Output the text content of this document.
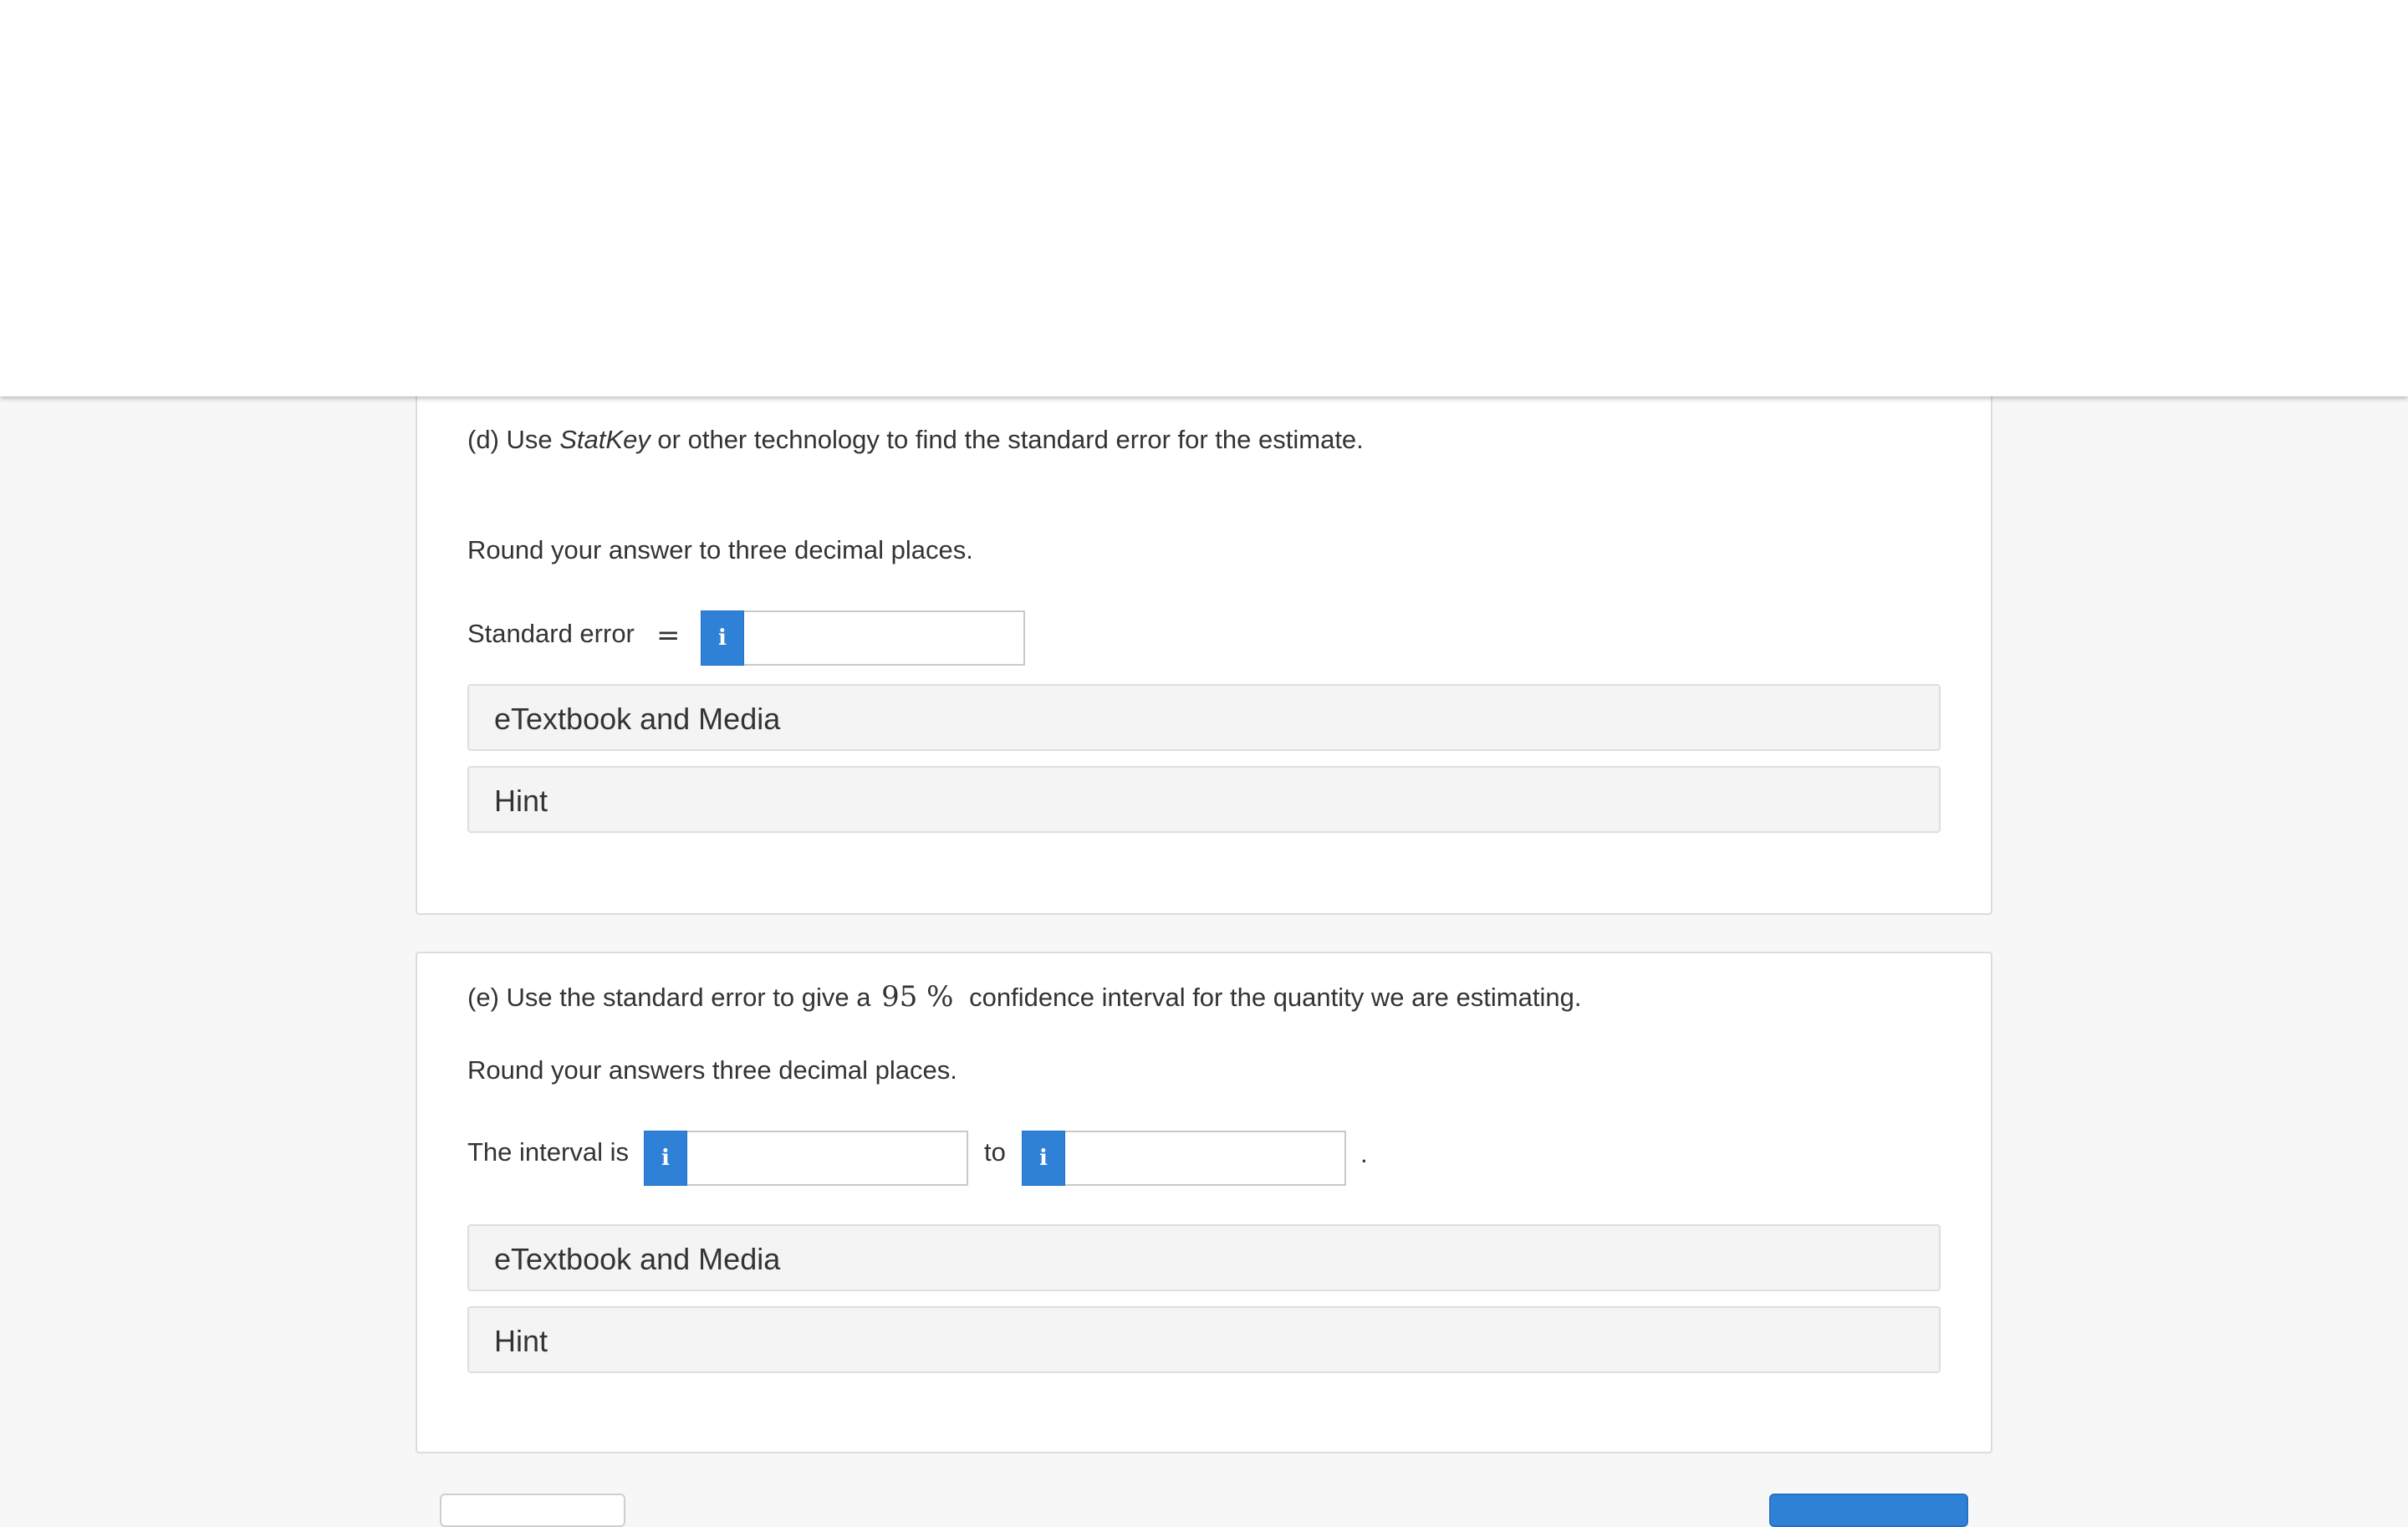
(d) Use StatKey or other technology to find the standard error for the estimate.
Round your answer to three decimal places.
Standard error = i
eTextbook and Media
Hint
(e) Use the standard error to give a 95 % confidence interval for the quantity we are estimating.
Round your answers three decimal places.
The interval is i	to i	.
eTextbook and Media
Hint
